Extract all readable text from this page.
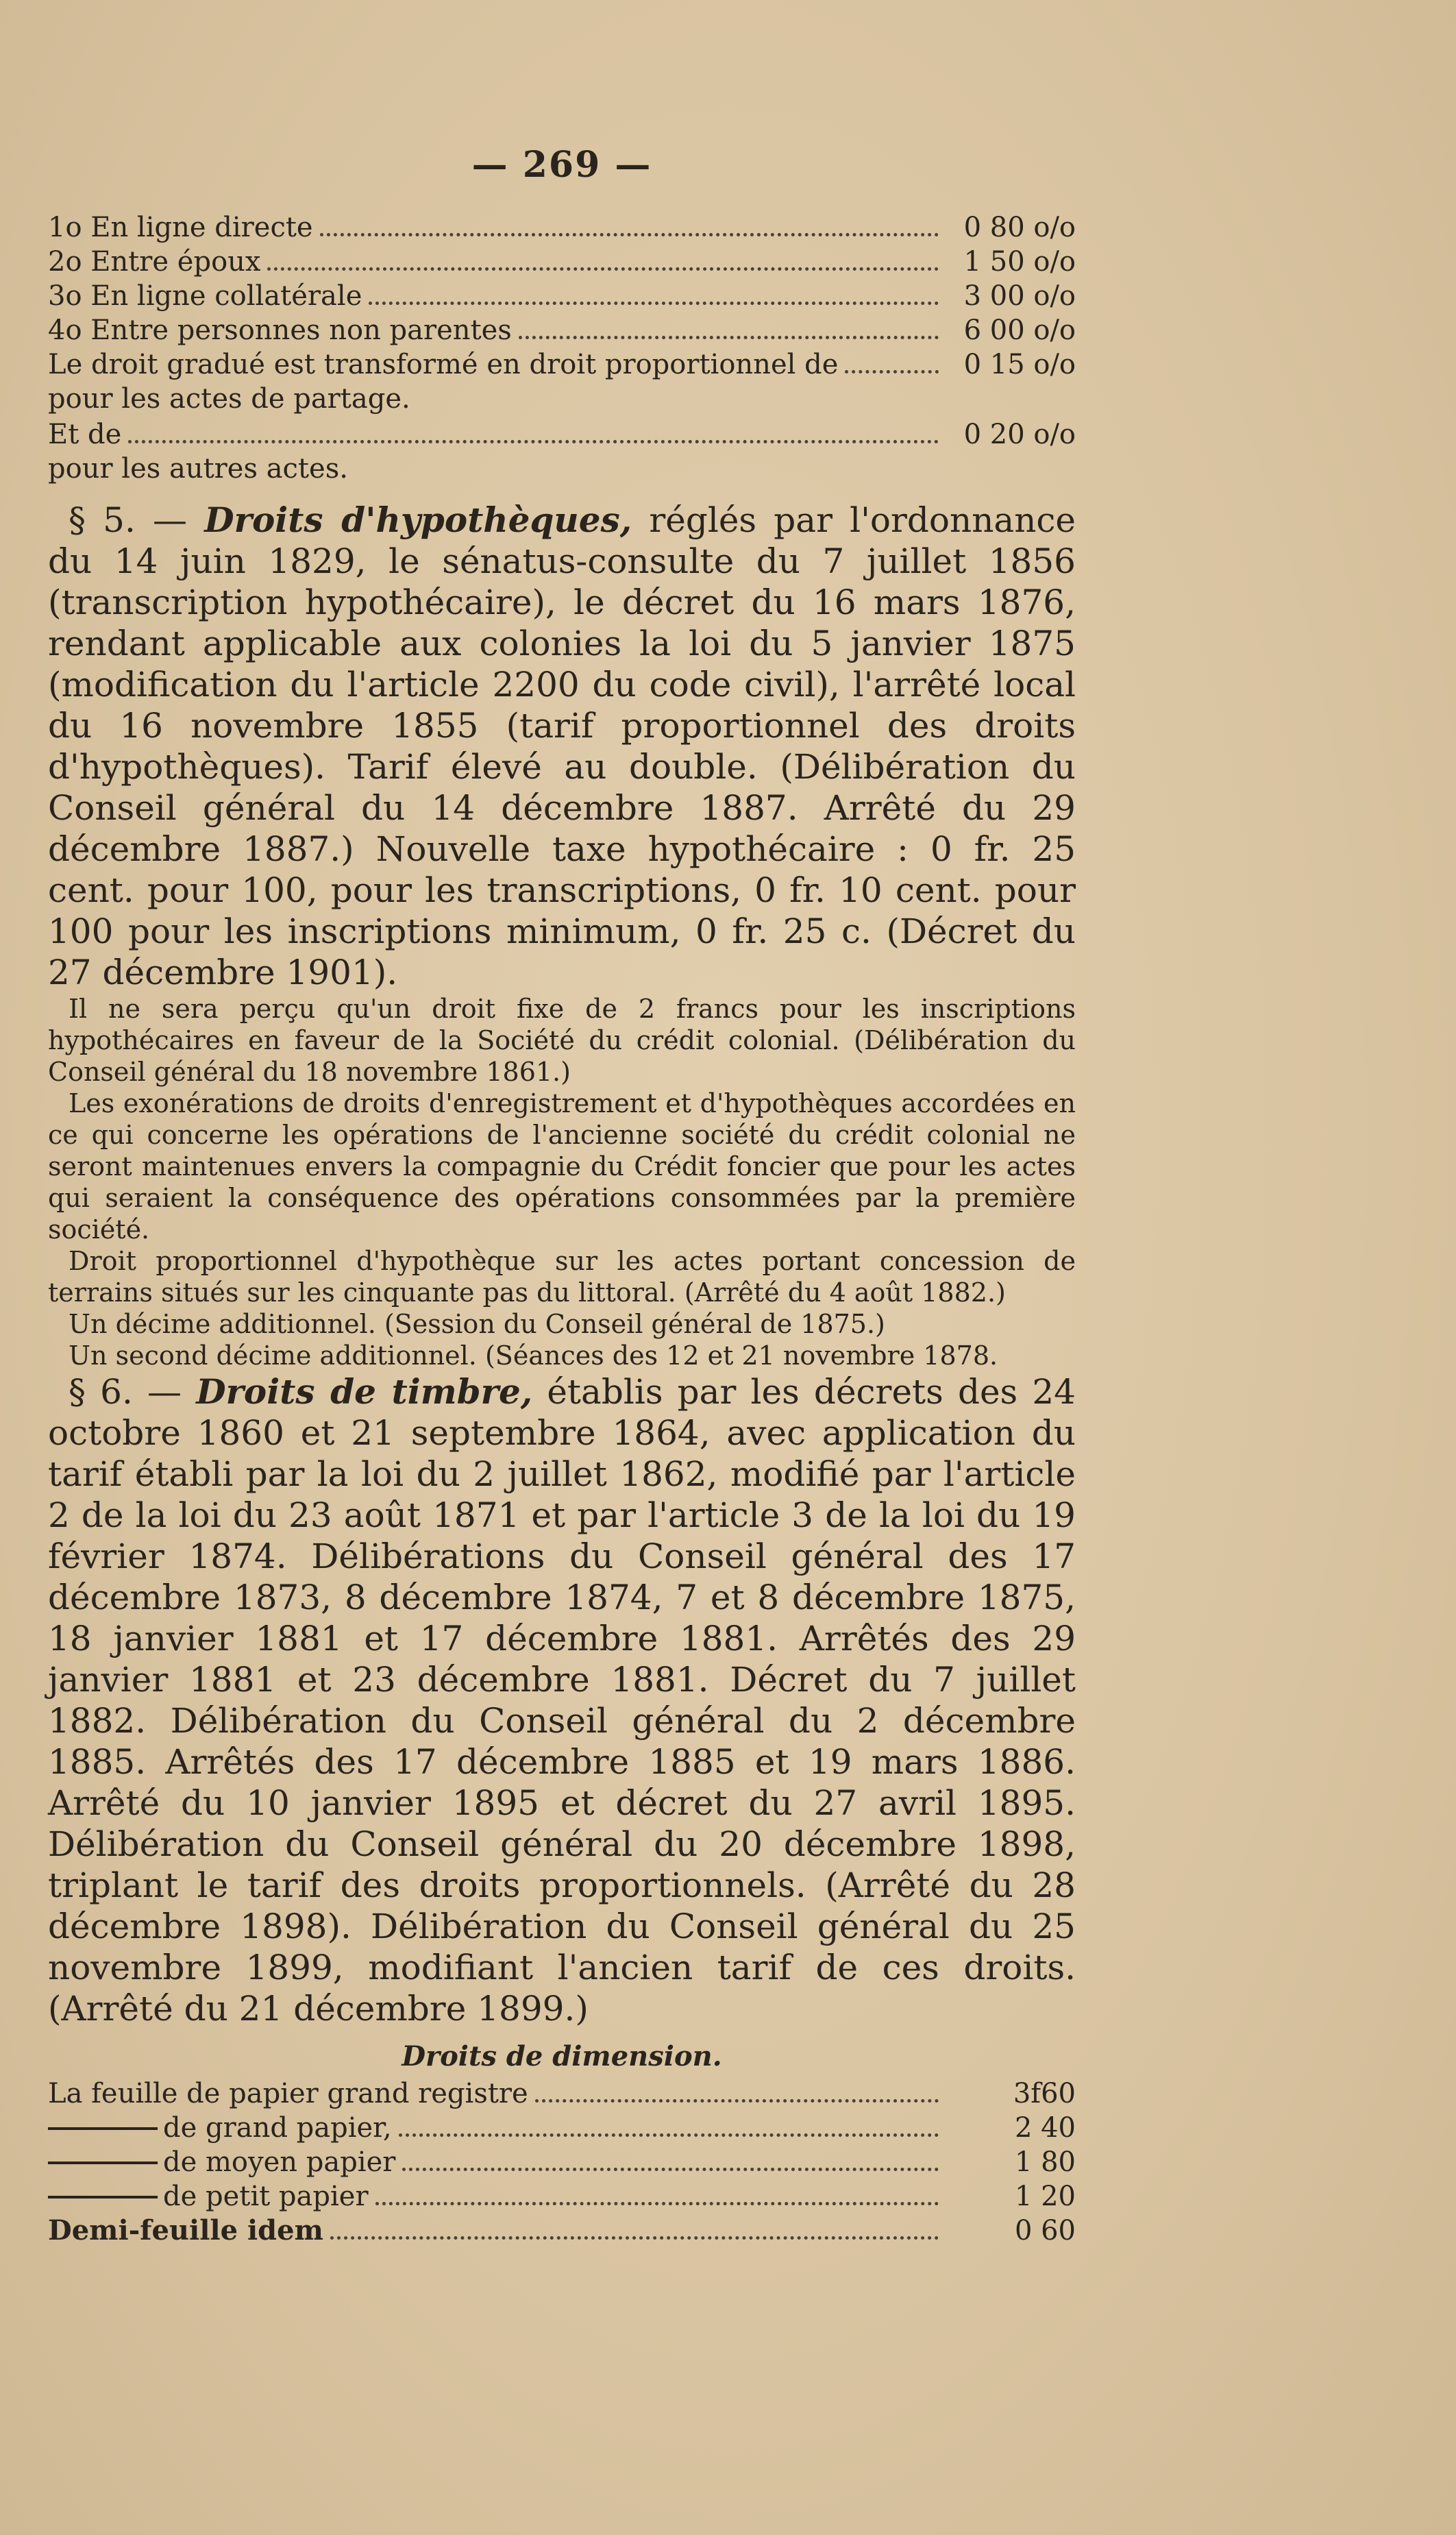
— 269 —
1o En ligne directe	0 80 o/o
2o Entre époux	1 50 o/o
3o En ligne collatérale	3 00 o/o
4o Entre personnes non parentes	6 00 o/o
Le droit gradué est transformé en droit proportionnel de	0 15 o/o
pour les actes de partage.
Et de	0 20 o/o
pour les autres actes.

§ 5. — Droits d'hypothèques, réglés par l'ordonnance du 14 juin 1829, le sénatus-consulte du 7 juillet 1856 (transcription hypothécaire), le décret du 16 mars 1876, rendant applicable aux colonies la loi du 5 janvier 1875 (modification du l'article 2200 du code civil), l'arrêté local du 16 novembre 1855 (tarif proportionnel des droits d'hypothèques). Tarif élevé au double. (Délibération du Conseil général du 14 décembre 1887. Arrêté du 29 décembre 1887.) Nouvelle taxe hypothécaire : 0 fr. 25 cent. pour 100, pour les transcriptions, 0 fr. 10 cent. pour 100 pour les inscriptions minimum, 0 fr. 25 c. (Décret du 27 décembre 1901).

Il ne sera perçu qu'un droit fixe de 2 francs pour les inscriptions hypothécaires en faveur de la Société du crédit colonial. (Délibération du Conseil général du 18 novembre 1861.)

Les exonérations de droits d'enregistrement et d'hypothèques accordées en ce qui concerne les opérations de l'ancienne société du crédit colonial ne seront maintenues envers la compagnie du Crédit foncier que pour les actes qui seraient la conséquence des opérations consommées par la première société.

Droit proportionnel d'hypothèque sur les actes portant concession de terrains situés sur les cinquante pas du littoral. (Arrêté du 4 août 1882.)

Un décime additionnel. (Session du Conseil général de 1875.)

Un second décime additionnel. (Séances des 12 et 21 novembre 1878.

§ 6. — Droits de timbre, établis par les décrets des 24 octobre 1860 et 21 septembre 1864, avec application du tarif établi par la loi du 2 juillet 1862, modifié par l'article 2 de la loi du 23 août 1871 et par l'article 3 de la loi du 19 février 1874. Délibérations du Conseil général des 17 décembre 1873, 8 décembre 1874, 7 et 8 décembre 1875, 18 janvier 1881 et 17 décembre 1881. Arrêtés des 29 janvier 1881 et 23 décembre 1881. Décret du 7 juillet 1882. Délibération du Conseil général du 2 décembre 1885. Arrêtés des 17 décembre 1885 et 19 mars 1886. Arrêté du 10 janvier 1895 et décret du 27 avril 1895. Délibération du Conseil général du 20 décembre 1898, triplant le tarif des droits proportionnels. (Arrêté du 28 décembre 1898). Délibération du Conseil général du 25 novembre 1899, modifiant l'ancien tarif de ces droits. (Arrêté du 21 décembre 1899.)

Droits de dimension.
La feuille de papier grand registre	3f60
de grand papier,	2 40
de moyen papier	1 80
de petit papier	1 20
Demi-feuille idem	0 60
